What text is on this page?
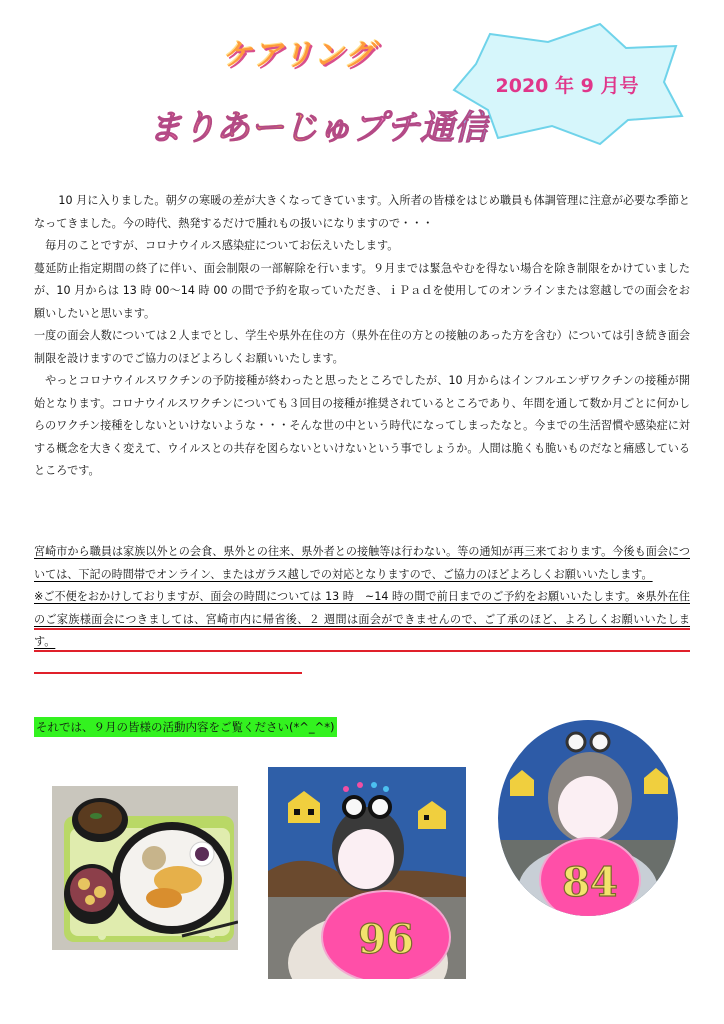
ケアリング
まりあーじゅプチ通信
2020 年 9 月号

10 月に入りました。朝夕の寒暖の差が大きくなってきています。入所者の皆様をはじめ職員も体調管理に注意が必要な季節となってきました。今の時代、熱発するだけで腫れもの扱いになりますので・・・

毎月のことですが、コロナウイルス感染症についてお伝えいたします。

蔓延防止指定期間の終了に伴い、面会制限の一部解除を行います。９月までは緊急やむを得ない場合を除き制限をかけていましたが、10 月からは 13 時 00～14 時 00 の間で予約を取っていただき、ｉＰａｄを使用してのオンラインまたは窓越しでの面会をお願いしたいと思います。

一度の面会人数については２人までとし、学生や県外在住の方（県外在住の方との接触のあった方を含む）については引き続き面会制限を設けますのでご協力のほどよろしくお願いいたします。

やっとコロナウイルスワクチンの予防接種が終わったと思ったところでしたが、10 月からはインフルエンザワクチンの接種が開始となります。コロナウイルスワクチンについても３回目の接種が推奨されているところであり、年間を通して数か月ごとに何かしらのワクチン接種をしないといけないような・・・そんな世の中という時代になってしまったなと。今までの生活習慣や感染症に対する概念を大きく変えて、ウイルスとの共存を図らないといけないという事でしょうか。人間は脆くも脆いものだなと痛感しているところです。

宮崎市から職員は家族以外との会食、県外との往来、県外者との接触等は行わない。等の通知が再三来ております。今後も面会については、下記の時間帯でオンライン、またはガラス越しでの対応となりますので、ご協力のほどよろしくお願いいたします。

※ご不便をおかけしておりますが、面会の時間については 13 時　~14 時の間で前日までのご予約をお願いいたします。※県外在住のご家族様面会につきましては、宮崎市内に帰省後、２ 週間は面会ができませんので、ご了承のほど、よろしくお願いいたします。

それでは、９月の皆様の活動内容をご覧ください(*^_^*)
96
84
